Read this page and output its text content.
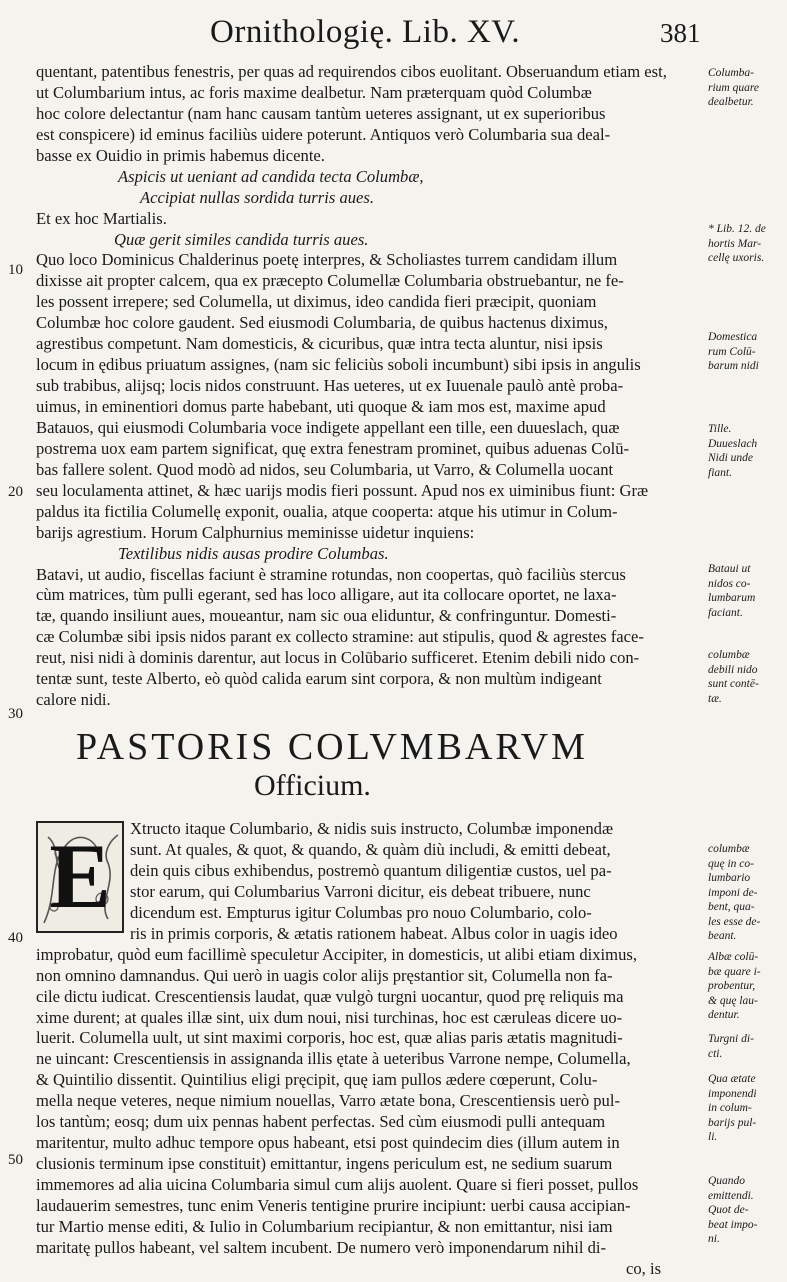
Ornithologię. Lib. XV.	381
quentant, patentibus fenestris, per quas ad requirendos cibos euolitant. Obseruandum etiam est,
ut Columbarium intus, ac foris maxime dealbetur. Nam præterquam quòd Columbæ
hoc colore delectantur (nam hanc causam tantùm ueteres assignant, ut ex superioribus
est conspicere) id eminus faciliùs uidere poterunt. Antiquos verò Columbaria sua deal-
basse ex Ouidio in primis habemus dicente.
Aspicis ut ueniant ad candida tecta Columbæ,
Accipiat nullas sordida turris aues.
Et ex hoc Martialis.
Quæ gerit similes candida turris aues.
Quo loco Dominicus Chalderinus poetę interpres, & Scholiastes turrem candidam illum
dixisse ait propter calcem, qua ex præcepto Columellæ Columbaria obstruebantur, ne fe-
les possent irrepere; sed Columella, ut diximus, ideo candida fieri præcipit, quoniam
Columbæ hoc colore gaudent. Sed eiusmodi Columbaria, de quibus hactenus diximus,
agrestibus competunt. Nam domesticis, & cicuribus, quæ intra tecta aluntur, nisi ipsis
locum in ędibus priuatum assignes, (nam sic feliciùs soboli incumbunt) sibi ipsis in angulis
sub trabibus, alijsq; locis nidos construunt. Has ueteres, ut ex Iuuenale paulò antè proba-
uimus, in eminentiori domus parte habebant, uti quoque & iam mos est, maxime apud
Batauos, qui eiusmodi Columbaria voce indigete appellant een tille, een duueslach, quæ
postrema uox eam partem significat, quę extra fenestram prominet, quibus aduenas Colū-
bas fallere solent. Quod modò ad nidos, seu Columbaria, ut Varro, & Columella uocant
seu loculamenta attinet, & hæc uarijs modis fieri possunt. Apud nos ex uiminibus fiunt: Græ
paldus ita fictilia Columellę exponit, oualia, atque cooperta: atque his utimur in Colum-
barijs agrestium. Horum Calphurnius meminisse uidetur inquiens:
Textilibus nidis ausas prodire Columbas.
Batavi, ut audio, fiscellas faciunt è stramine rotundas, non coopertas, quò faciliùs stercus
cùm matrices, tùm pulli egerant, sed has loco alligare, aut ita collocare oportet, ne laxa-
tæ, quando insiliunt aues, moueantur, nam sic oua eliduntur, & confringuntur. Domesti-
cæ Columbæ sibi ipsis nidos parant ex collecto stramine: aut stipulis, quod & agrestes face-
reut, nisi nidi à dominis darentur, aut locus in Colūbario sufficeret. Etenim debili nido con-
tentæ sunt, teste Alberto, eò quòd calida earum sint corpora, & non multùm indigeant
calore nidi.
PASTORIS COLVMBARVM
Officium.
E	Xtructo itaque Columbario, & nidis suis instructo, Columbæ imponendæ
sunt. At quales, & quot, & quando, & quàm diù includi, & emitti debeat,
dein quis cibus exhibendus, postremò quantum diligentiæ custos, uel pa-
stor earum, qui Columbarius Varroni dicitur, eis debeat tribuere, nunc
dicendum est. Empturus igitur Columbas pro nouo Columbario, colo-
ris in primis corporis, & ætatis rationem habeat. Albus color in uagis ideo
improbatur, quòd eum facillimè speculetur Accipiter, in domesticis, ut alibi etiam diximus,
non omnino damnandus. Qui uerò in uagis color alijs pręstantior sit, Columella non fa-
cile dictu iudicat. Crescentiensis laudat, quæ vulgò turgni uocantur, quod prę reliquis ma
xime durent; at quales illæ sint, uix dum noui, nisi turchinas, hoc est cæruleas dicere uo-
luerit. Columella uult, ut sint maximi corporis, hoc est, quæ alias paris ætatis magnitudi-
ne uincant: Crescentiensis in assignanda illis ętate à ueteribus Varrone nempe, Columella,
& Quintilio dissentit. Quintilius eligi pręcipit, quę iam pullos ædere cœperunt, Colu-
mella neque veteres, neque nimium nouellas, Varro ætate bona, Crescentiensis uerò pul-
los tantùm; eosq; dum uix pennas habent perfectas. Sed cùm eiusmodi pulli antequam
maritentur, multo adhuc tempore opus habeant, etsi post quindecim dies (illum autem in
clusionis terminum ipse constituit) emittantur, ingens periculum est, ne sedium suarum
immemores ad alia uicina Columbaria simul cum alijs auolent. Quare si fieri posset, pullos
laudauerim semestres, tunc enim Veneris tentigine prurire incipiunt: uerbi causa accipian-
tur Martio mense editi, & Iulio in Columbarium recipiantur, & non emittantur, nisi iam
maritatę pullos habeant, vel saltem incubent. De numero verò imponendarum nihil di-
co, is
Columba-
rium quare
dealbetur.
* Lib. 12. de
hortis Mar-
cellę uxoris.
Domestica
rum Colū-
barum nidi
Tille.
Duueslach
Nidi unde
fiant.
Bataui ut
nidos co-
lumbarum
faciant.
columbæ
debili nido
sunt contē-
tæ.
columbæ
quę in co-
lumbario
imponi de-
bent, qua-
les esse de-
beant.
Albæ colū-
bæ quare i-
probentur,
& quę lau-
dentur.
Turgni di-
cti.
Qua ætate
imponendi
in colum-
barijs pul-
li.
Quando
emittendi.
Quot de-
beat impo-
ni.
10
20
30
40
50
